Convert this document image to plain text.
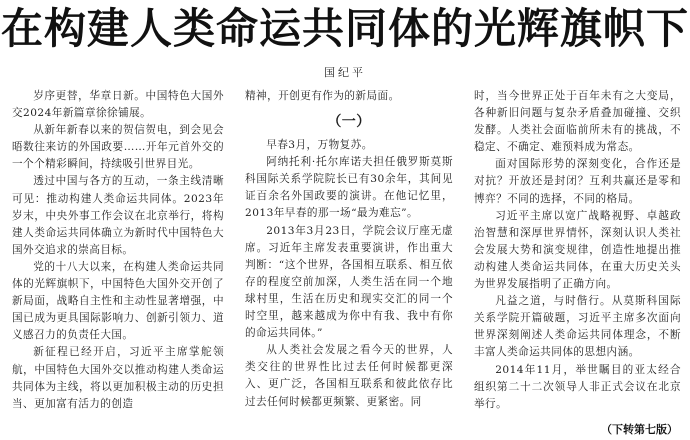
在构建人类命运共同体的光辉旗帜下
国纪平

岁序更替，华章日新。中国特色大国外交2024年新篇章徐徐铺展。

从新年新春以来的贺信贺电，到会见会晤数往来访的外国政要……开年元首外交的一个个精彩瞬间，持续吸引世界目光。

透过中国与各方的互动，一条主线清晰可见：推动构建人类命运共同体。2023年岁末，中央外事工作会议在北京举行，将构建人类命运共同体确立为新时代中国特色大国外交追求的崇高目标。

党的十八大以来，在构建人类命运共同体的光辉旗帜下，中国特色大国外交开创了新局面，战略自主性和主动性显著增强，中国已成为更具国际影响力、创新引领力、道义感召力的负责任大国。

新征程已经开启，习近平主席掌舵领航，中国特色大国外交以推动构建人类命运共同体为主线，将以更加积极主动的历史担当、更加富有活力的创造

精神，开创更有作为的新局面。

（一）

早春3月，万物复苏。

阿纳托利·托尔库诺夫担任俄罗斯莫斯科国际关系学院院长已有30余年，其间见证百余名外国政要的演讲。在他记忆里，2013年早春的那一场“最为难忘”。

2013年3月23日，学院会议厅座无虚席。习近年主席发表重要演讲，作出重大判断：“这个世界，各国相互联系、相互依存的程度空前加深，人类生活在同一个地球村里，生活在历史和现实交汇的同一个时空里，越来越成为你中有我、我中有你的命运共同体。”

从人类社会发展之看今天的世界，人类交往的世界性比过去任何时候都更深入、更广泛，各国相互联系和彼此依存比过去任何时候都更频繁、更紧密。同

时，当今世界正处于百年未有之大变局，各种新旧问题与复杂矛盾叠加碰撞、交织发酵。人类社会面临前所未有的挑战，不稳定、不确定、难预料成为常态。

面对国际形势的深刻变化，合作还是对抗？开放还是封闭？互利共赢还是零和博弈？不同的选择，不同的格局。

习近平主席以宽广战略视野、卓越政治智慧和深厚世界情怀，深刻认识人类社会发展大势和演变规律，创造性地提出推动构建人类命运共同体，在重大历史关头为世界发展指明了正确方向。

凡益之道，与时偕行。从莫斯科国际关系学院开篇破题，习近平主席多次面向世界深刻阐述人类命运共同体理念，不断丰富人类命运共同体的思想内涵。

2014年11月，举世瞩目的亚太经合组织第二十二次领导人非正式会议在北京举行。

（下转第七版）
